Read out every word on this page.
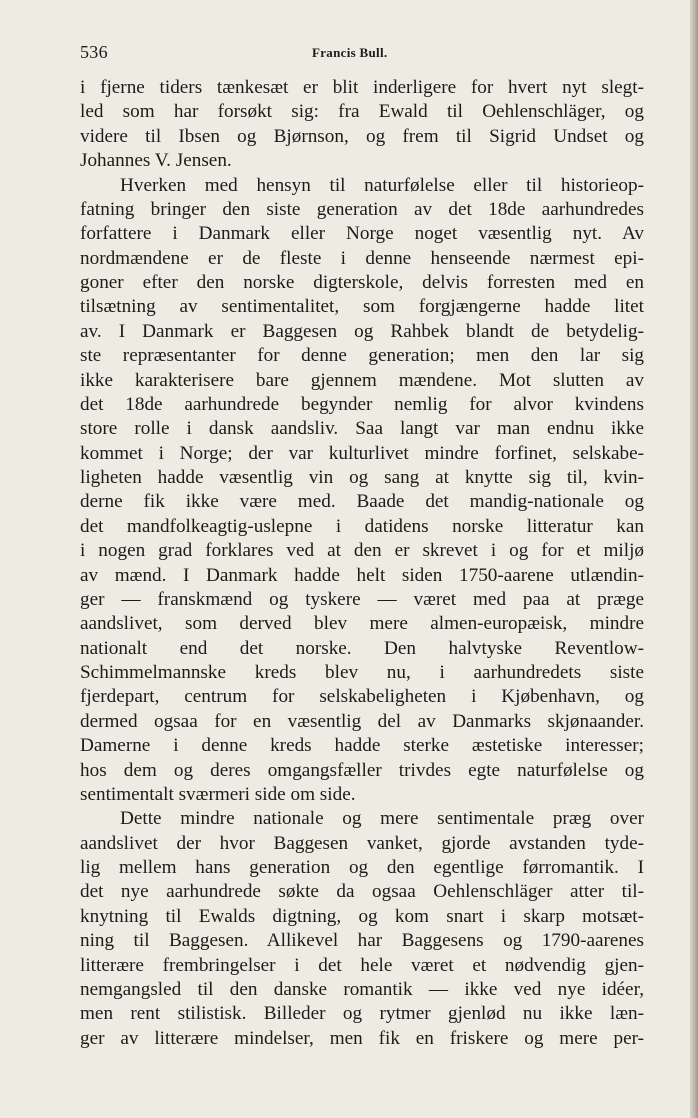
536	Francis Bull.
i fjerne tiders tænkesæt er blit inderligere for hvert nyt slegt-
led som har forsøkt sig: fra Ewald til Oehlenschläger, og
videre til Ibsen og Bjørnson, og frem til Sigrid Undset og
Johannes V. Jensen.
Hverken med hensyn til naturfølelse eller til historieop-
fatning bringer den siste generation av det 18de aarhundredes
forfattere i Danmark eller Norge noget væsentlig nyt. Av
nordmændene er de fleste i denne henseende nærmest epi-
goner efter den norske digterskole, delvis forresten med en
tilsætning av sentimentalitet, som forgjængerne hadde litet
av. I Danmark er Baggesen og Rahbek blandt de betydelig-
ste repræsentanter for denne generation; men den lar sig
ikke karakterisere bare gjennem mændene. Mot slutten av
det 18de aarhundrede begynder nemlig for alvor kvindens
store rolle i dansk aandsliv. Saa langt var man endnu ikke
kommet i Norge; der var kulturlivet mindre forfinet, selskabe-
ligheten hadde væsentlig vin og sang at knytte sig til, kvin-
derne fik ikke være med. Baade det mandig-nationale og
det mandfolkeagtig-uslepne i datidens norske litteratur kan
i nogen grad forklares ved at den er skrevet i og for et miljø
av mænd. I Danmark hadde helt siden 1750-aarene utlændin-
ger — franskmænd og tyskere — været med paa at præge
aandslivet, som derved blev mere almen-europæisk, mindre
nationalt end det norske. Den halvtyske Reventlow-
Schimmelmannske kreds blev nu, i aarhundredets siste
fjerdepart, centrum for selskabeligheten i Kjøbenhavn, og
dermed ogsaa for en væsentlig del av Danmarks skjønaander.
Damerne i denne kreds hadde sterke æstetiske interesser;
hos dem og deres omgangsfæller trivdes egte naturfølelse og
sentimentalt sværmeri side om side.
Dette mindre nationale og mere sentimentale præg over
aandslivet der hvor Baggesen vanket, gjorde avstanden tyde-
lig mellem hans generation og den egentlige førromantik. I
det nye aarhundrede søkte da ogsaa Oehlenschläger atter til-
knytning til Ewalds digtning, og kom snart i skarp motsæt-
ning til Baggesen. Allikevel har Baggesens og 1790-aarenes
litterære frembringelser i det hele været et nødvendig gjen-
nemgangsled til den danske romantik — ikke ved nye idéer,
men rent stilistisk. Billeder og rytmer gjenlød nu ikke læn-
ger av litterære mindelser, men fik en friskere og mere per-
